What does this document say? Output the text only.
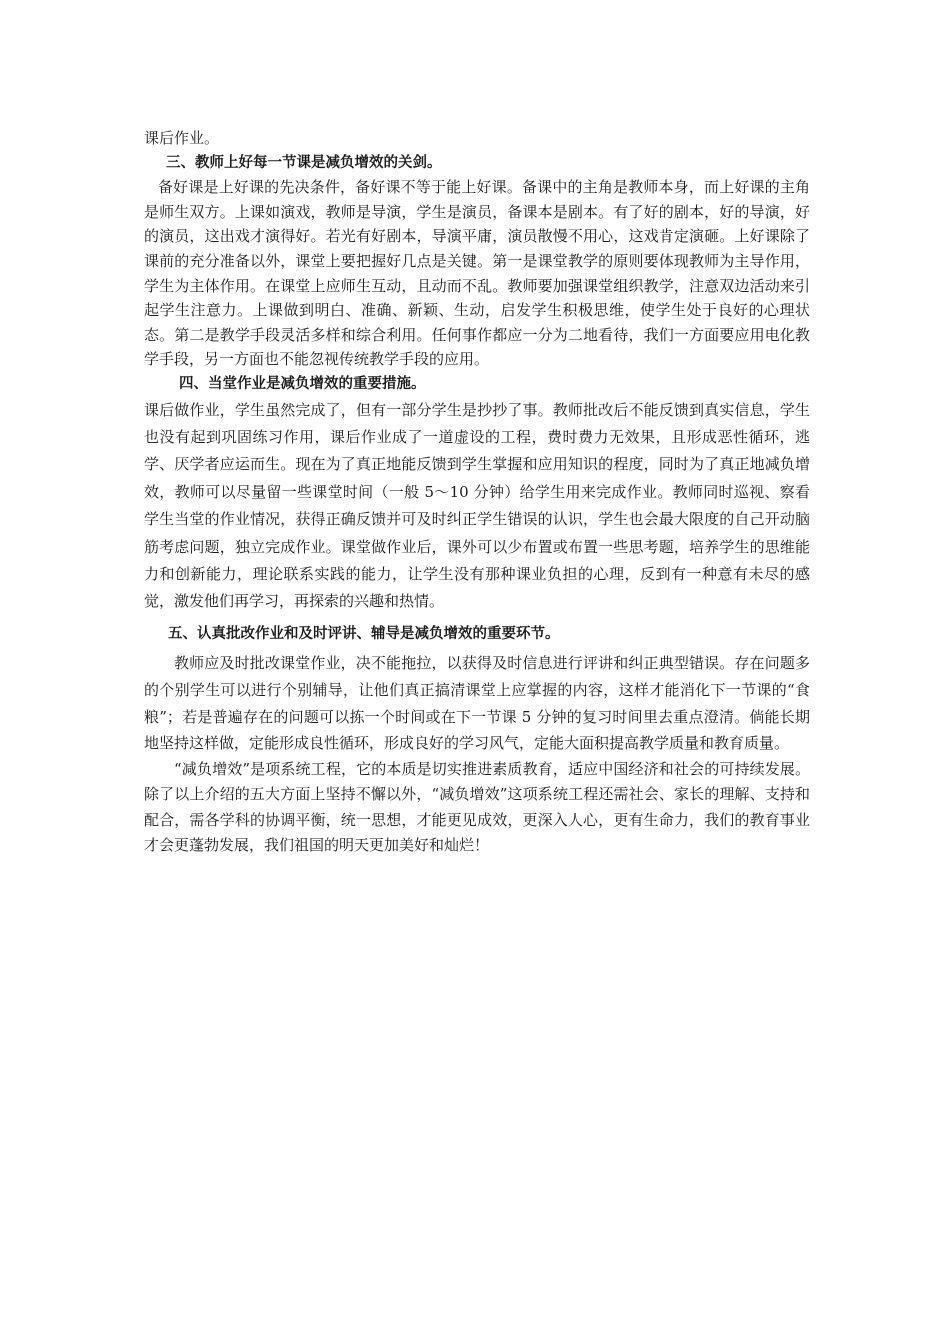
课后作业。

三、教师上好每一节课是减负增效的关剑。

备好课是上好课的先决条件，备好课不等于能上好课。备课中的主角是教师本身，而上好课的主角是师生双方。上课如演戏，教师是导演，学生是演员，备课本是剧本。有了好的剧本，好的导演，好的演员，这出戏才演得好。若光有好剧本，导演平庸，演员散慢不用心，这戏肯定演砸。上好课除了课前的充分准备以外，课堂上要把握好几点是关键。第一是课堂教学的原则要体现教师为主导作用，学生为主体作用。在课堂上应师生互动，且动而不乱。教师要加强课堂组织教学，注意双边活动来引起学生注意力。上课做到明白、准确、新颖、生动，启发学生积极思维，使学生处于良好的心理状态。第二是教学手段灵活多样和综合利用。任何事作都应一分为二地看待，我们一方面要应用电化教学手段，另一方面也不能忽视传统教学手段的应用。

四、当堂作业是减负增效的重要措施。

课后做作业，学生虽然完成了，但有一部分学生是抄抄了事。教师批改后不能反馈到真实信息，学生也没有起到巩固练习作用，课后作业成了一道虚设的工程，费时费力无效果，且形成恶性循环，逃学、厌学者应运而生。现在为了真正地能反馈到学生掌握和应用知识的程度，同时为了真正地减负增效，教师可以尽量留一些课堂时间（一般 5～10 分钟）给学生用来完成作业。教师同时巡视、察看学生当堂的作业情况，获得正确反馈并可及时纠正学生错误的认识，学生也会最大限度的自己开动脑筋考虑问题，独立完成作业。课堂做作业后，课外可以少布置或布置一些思考题，培养学生的思维能力和创新能力，理论联系实践的能力，让学生没有那种课业负担的心理，反到有一种意有未尽的感觉，激发他们再学习，再探索的兴趣和热情。

五、认真批改作业和及时评讲、辅导是减负增效的重要环节。

教师应及时批改课堂作业，决不能拖拉，以获得及时信息进行评讲和纠正典型错误。存在问题多的个别学生可以进行个别辅导，让他们真正搞清课堂上应掌握的内容，这样才能消化下一节课的“食粮”；若是普遍存在的问题可以拣一个时间或在下一节课 5 分钟的复习时间里去重点澄清。倘能长期地坚持这样做，定能形成良性循环，形成良好的学习风气，定能大面积提高教学质量和教育质量。

“减负增效”是项系统工程，它的本质是切实推进素质教育，适应中国经济和社会的可持续发展。除了以上介绍的五大方面上坚持不懈以外，“减负增效”这项系统工程还需社会、家长的理解、支持和配合，需各学科的协调平衡，统一思想，才能更见成效，更深入人心，更有生命力，我们的教育事业才会更蓬勃发展，我们祖国的明天更加美好和灿烂！
